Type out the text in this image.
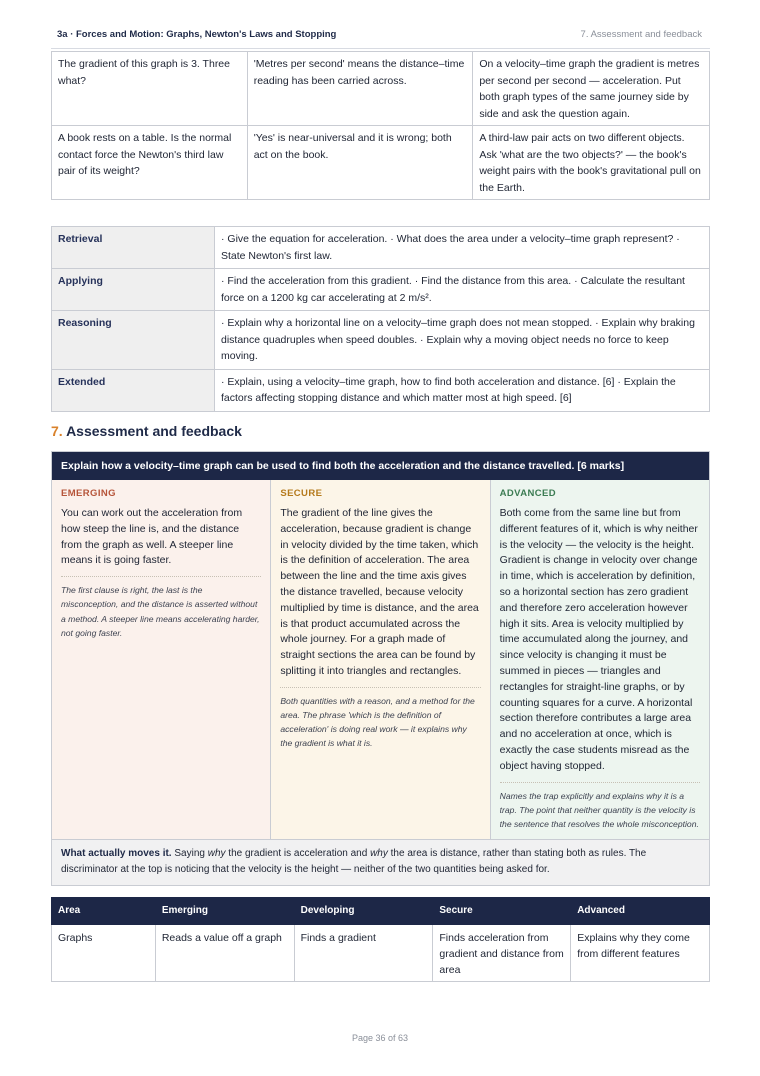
3a · Forces and Motion: Graphs, Newton's Laws and Stopping	7. Assessment and feedback
The gradient of this graph is 3. Three what?	'Metres per second' means the distance–time reading has been carried across.	On a velocity–time graph the gradient is metres per second per second — acceleration. Put both graph types of the same journey side by side and ask the question again.
A book rests on a table. Is the normal contact force the Newton's third law pair of its weight?	'Yes' is near-universal and it is wrong; both act on the book.	A third-law pair acts on two different objects. Ask 'what are the two objects?' — the book's weight pairs with the book's gravitational pull on the Earth.
Retrieval	· Give the equation for acceleration. · What does the area under a velocity–time graph represent? · State Newton's first law.
Applying	· Find the acceleration from this gradient. · Find the distance from this area. · Calculate the resultant force on a 1200 kg car accelerating at 2 m/s².
Reasoning	· Explain why a horizontal line on a velocity–time graph does not mean stopped. · Explain why braking distance quadruples when speed doubles. · Explain why a moving object needs no force to keep moving.
Extended	· Explain, using a velocity–time graph, how to find both acceleration and distance. [6] · Explain the factors affecting stopping distance and which matter most at high speed. [6]
7. Assessment and feedback
Explain how a velocity–time graph can be used to find both the acceleration and the distance travelled. [6 marks]
EMERGING
You can work out the acceleration from how steep the line is, and the distance from the graph as well. A steeper line means it is going faster.
The first clause is right, the last is the misconception, and the distance is asserted without a method. A steeper line means accelerating harder, not going faster.
SECURE
The gradient of the line gives the acceleration, because gradient is change in velocity divided by the time taken, which is the definition of acceleration. The area between the line and the time axis gives the distance travelled, because velocity multiplied by time is distance, and the area is that product accumulated across the whole journey. For a graph made of straight sections the area can be found by splitting it into triangles and rectangles.
Both quantities with a reason, and a method for the area. The phrase 'which is the definition of acceleration' is doing real work — it explains why the gradient is what it is.
ADVANCED
Both come from the same line but from different features of it, which is why neither is the velocity — the velocity is the height. Gradient is change in velocity over change in time, which is acceleration by definition, so a horizontal section has zero gradient and therefore zero acceleration however high it sits. Area is velocity multiplied by time accumulated along the journey, and since velocity is changing it must be summed in pieces — triangles and rectangles for straight-line graphs, or by counting squares for a curve. A horizontal section therefore contributes a large area and no acceleration at once, which is exactly the case students misread as the object having stopped.
Names the trap explicitly and explains why it is a trap. The point that neither quantity is the velocity is the sentence that resolves the whole misconception.
What actually moves it. Saying why the gradient is acceleration and why the area is distance, rather than stating both as rules. The discriminator at the top is noticing that the velocity is the height — neither of the two quantities being asked for.
Area	Emerging	Developing	Secure	Advanced
Graphs	Reads a value off a graph	Finds a gradient	Finds acceleration from gradient and distance from area	Explains why they come from different features
Page 36 of 63
